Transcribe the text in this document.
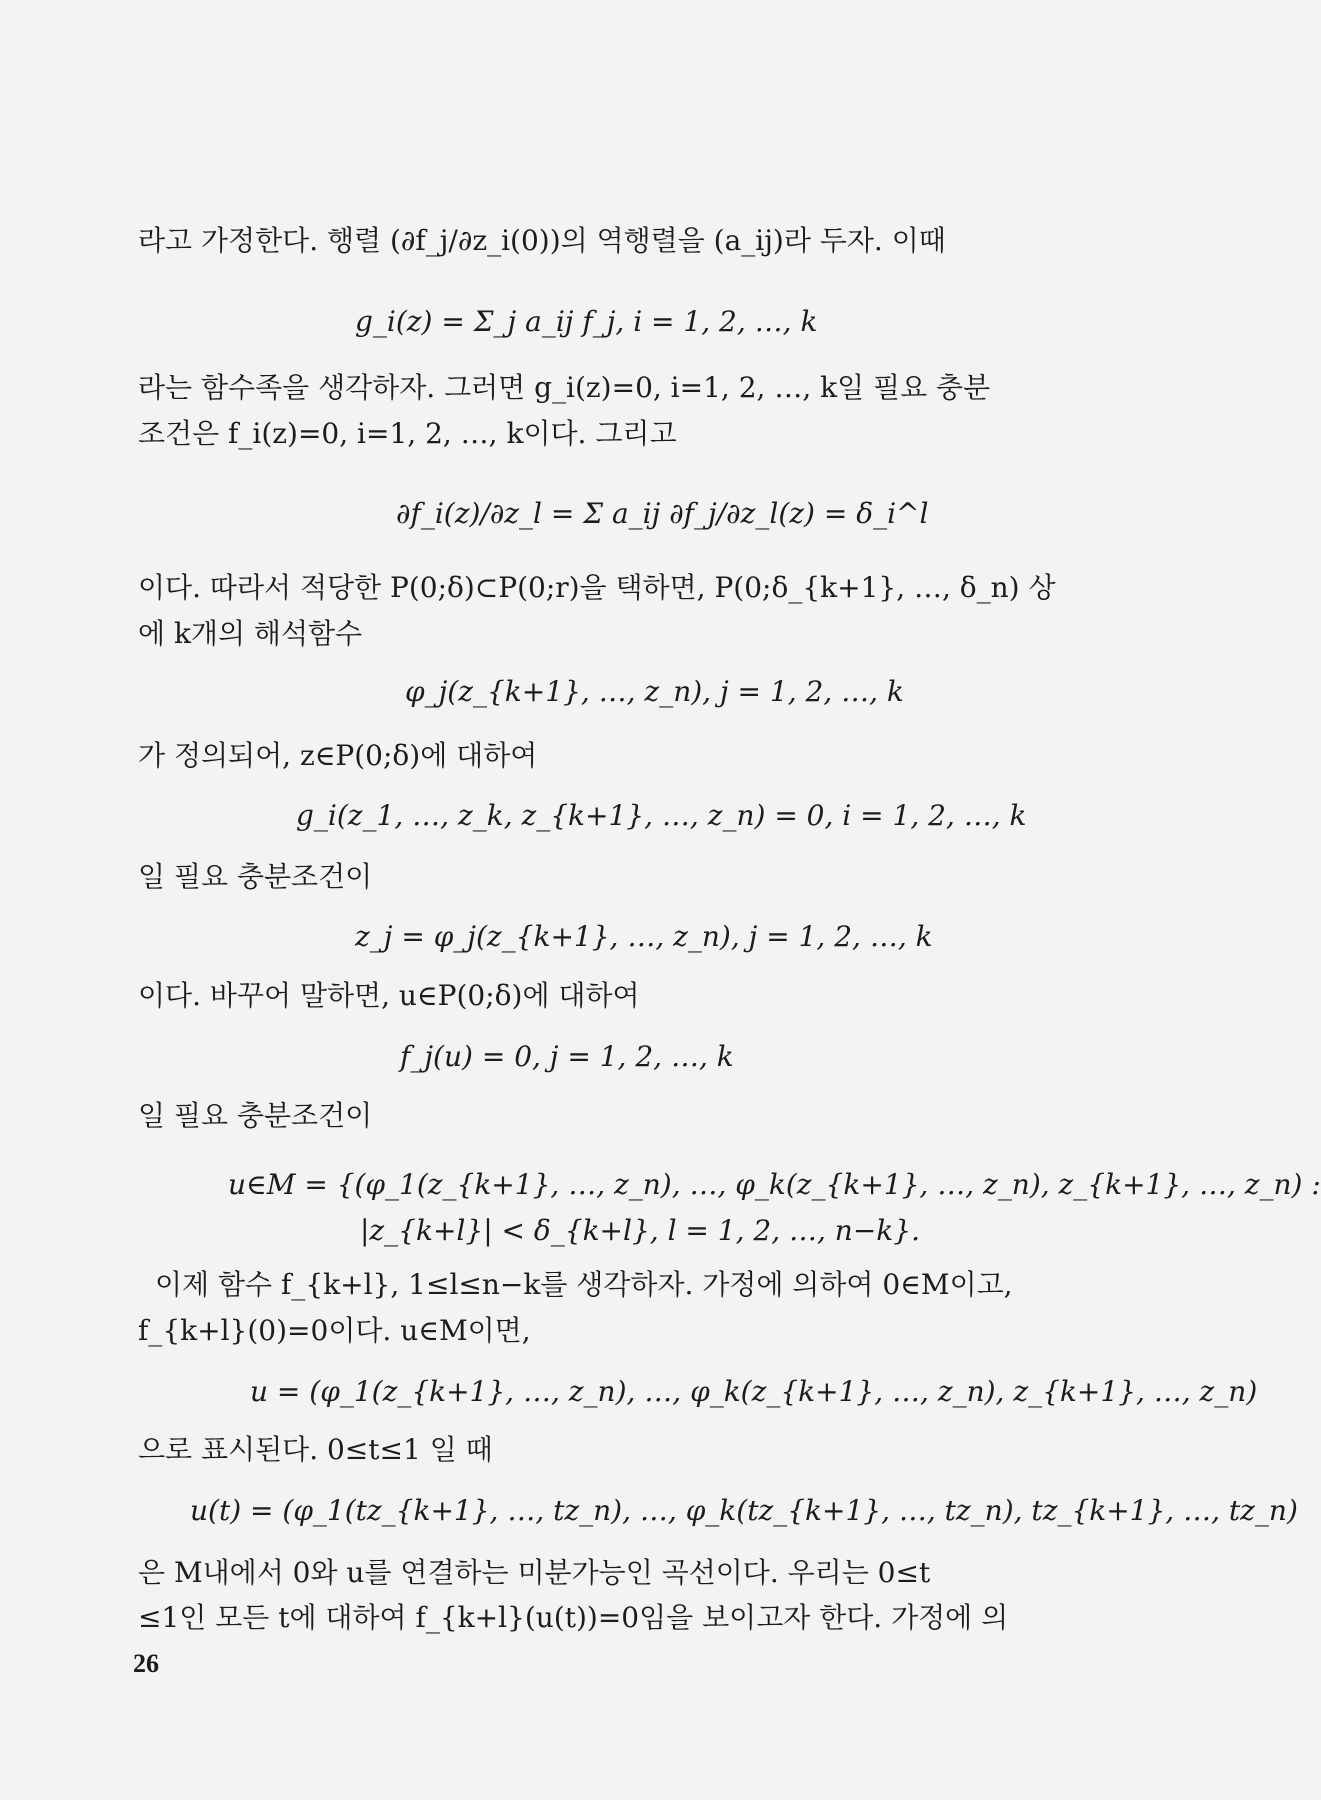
라고 가정한다. 행렬 (∂f_j/∂z_i(0))의 역행렬을 (a_ij)라 두자. 이때
g_i(z) = Σ_j a_ij f_j, i = 1, 2, …, k
라는 함수족을 생각하자. 그러면 g_i(z)=0, i=1, 2, …, k일 필요 충분
조건은 f_i(z)=0, i=1, 2, …, k이다. 그리고
∂f_i(z)/∂z_l = Σ a_ij ∂f_j/∂z_l(z) = δ_i^l
이다. 따라서 적당한 P(0;δ)⊂P(0;r)을 택하면, P(0;δ_{k+1}, …, δ_n) 상
에 k개의 해석함수
φ_j(z_{k+1}, …, z_n), j = 1, 2, …, k
가 정의되어, z∈P(0;δ)에 대하여
g_i(z_1, …, z_k, z_{k+1}, …, z_n) = 0, i = 1, 2, …, k
일 필요 충분조건이
z_j = φ_j(z_{k+1}, …, z_n), j = 1, 2, …, k
이다. 바꾸어 말하면, u∈P(0;δ)에 대하여
f_j(u) = 0, j = 1, 2, …, k
일 필요 충분조건이
u∈M = {(φ_1(z_{k+1}, …, z_n), …, φ_k(z_{k+1}, …, z_n), z_{k+1}, …, z_n) :
|z_{k+l}| < δ_{k+l}, l = 1, 2, …, n−k}.
이제 함수 f_{k+l}, 1≤l≤n−k를 생각하자. 가정에 의하여 0∈M이고,
f_{k+l}(0)=0이다. u∈M이면,
u = (φ_1(z_{k+1}, …, z_n), …, φ_k(z_{k+1}, …, z_n), z_{k+1}, …, z_n)
으로 표시된다. 0≤t≤1 일 때
u(t) = (φ_1(tz_{k+1}, …, tz_n), …, φ_k(tz_{k+1}, …, tz_n), tz_{k+1}, …, tz_n)
은 M내에서 0와 u를 연결하는 미분가능인 곡선이다. 우리는 0≤t
≤1인 모든 t에 대하여 f_{k+l}(u(t))=0임을 보이고자 한다. 가정에 의
26
